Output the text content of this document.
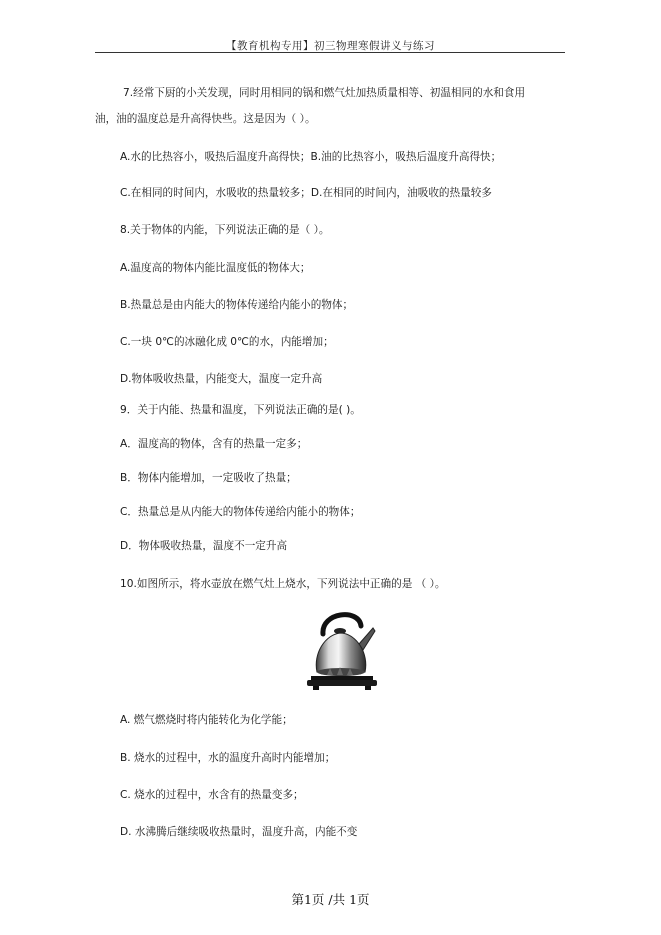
【教育机构专用】初三物理寒假讲义与练习
7.经常下厨的小关发现，同时用相同的锅和燃气灶加热质量相等、初温相同的水和食用
油，油的温度总是升高得快些。这是因为（ ）。
A.水的比热容小，吸热后温度升高得快；B.油的比热容小，吸热后温度升高得快；
C.在相同的时间内，水吸收的热量较多；D.在相同的时间内，油吸收的热量较多
8.关于物体的内能，下列说法正确的是（ ）。
A.温度高的物体内能比温度低的物体大；
B.热量总是由内能大的物体传递给内能小的物体；
C.一块 0℃的冰融化成 0℃的水，内能增加；
D.物体吸收热量，内能变大，温度一定升高
9．关于内能、热量和温度，下列说法正确的是( )。
A．温度高的物体，含有的热量一定多；
B．物体内能增加，一定吸收了热量；
C．热量总是从内能大的物体传递给内能小的物体；
D．物体吸收热量，温度不一定升高
10.如图所示，将水壶放在燃气灶上烧水，下列说法中正确的是 （ ）。
A. 燃气燃烧时将内能转化为化学能；
B. 烧水的过程中，水的温度升高时内能增加；
C. 烧水的过程中，水含有的热量变多；
D. 水沸腾后继续吸收热量时，温度升高，内能不变
第1页 /共 1页
